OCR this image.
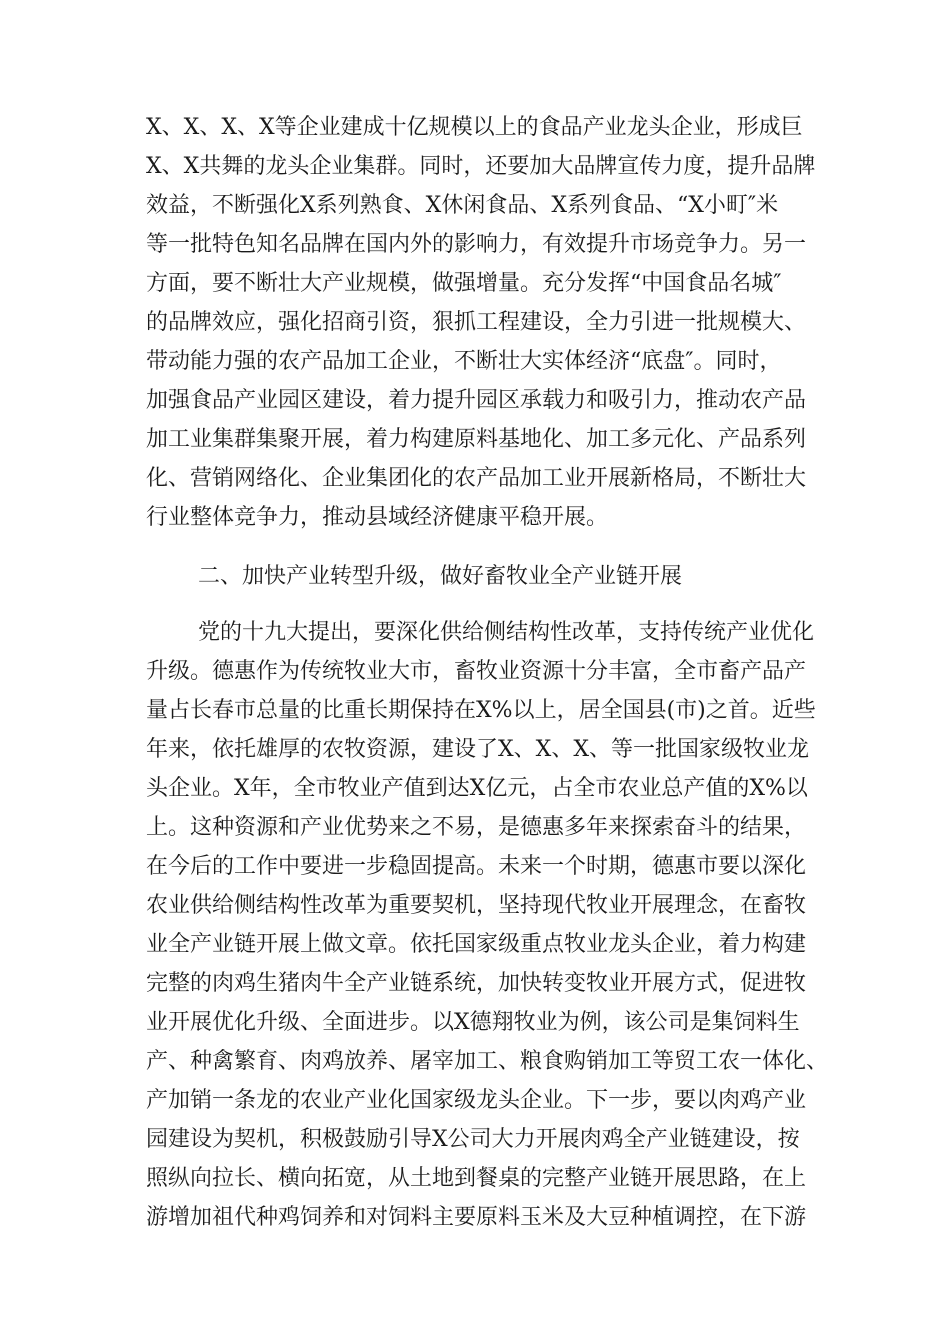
X、X、X、X等企业建成十亿规模以上的食品产业龙头企业，形成巨
X、X共舞的龙头企业集群。同时，还要加大品牌宣传力度，提升品牌
效益，不断强化X系列熟食、X休闲食品、X系列食品、“X小町″米
等一批特色知名品牌在国内外的影响力，有效提升市场竞争力。另一
方面，要不断壮大产业规模，做强增量。充分发挥“中国食品名城″
的品牌效应，强化招商引资，狠抓工程建设，全力引进一批规模大、
带动能力强的农产品加工企业，不断壮大实体经济“底盘″。同时，
加强食品产业园区建设，着力提升园区承载力和吸引力，推动农产品
加工业集群集聚开展，着力构建原料基地化、加工多元化、产品系列
化、营销网络化、企业集团化的农产品加工业开展新格局，不断壮大
行业整体竞争力，推动县域经济健康平稳开展。
二、加快产业转型升级，做好畜牧业全产业链开展
党的十九大提出，要深化供给侧结构性改革，支持传统产业优化
升级。德惠作为传统牧业大市，畜牧业资源十分丰富，全市畜产品产
量占长春市总量的比重长期保持在X%以上，居全国县(市)之首。近些
年来，依托雄厚的农牧资源，建设了X、X、X、等一批国家级牧业龙
头企业。X年，全市牧业产值到达X亿元，占全市农业总产值的X%以
上。这种资源和产业优势来之不易，是德惠多年来探索奋斗的结果，
在今后的工作中要进一步稳固提高。未来一个时期，德惠市要以深化
农业供给侧结构性改革为重要契机，坚持现代牧业开展理念，在畜牧
业全产业链开展上做文章。依托国家级重点牧业龙头企业，着力构建
完整的肉鸡生猪肉牛全产业链系统，加快转变牧业开展方式，促进牧
业开展优化升级、全面进步。以X德翔牧业为例，该公司是集饲料生
产、种禽繁育、肉鸡放养、屠宰加工、粮食购销加工等贸工农一体化、
产加销一条龙的农业产业化国家级龙头企业。下一步，要以肉鸡产业
园建设为契机，积极鼓励引导X公司大力开展肉鸡全产业链建设，按
照纵向拉长、横向拓宽，从土地到餐桌的完整产业链开展思路，在上
游增加祖代种鸡饲养和对饲料主要原料玉米及大豆种植调控，在下游
